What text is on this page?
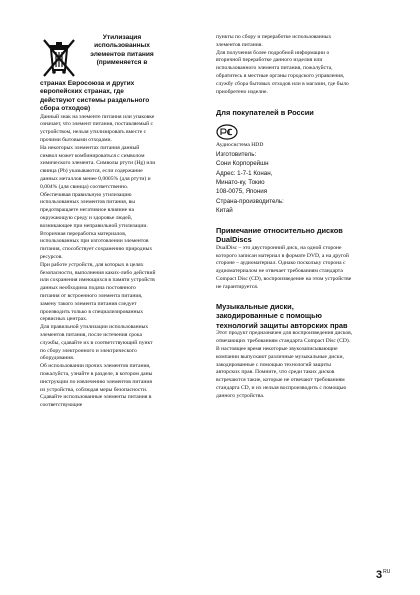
Утилизация использованных элементов питания (применяется в
странах Евросоюза и других европейских странах, где действуют системы раздельного сбора отходов)

Данный знак на элементе питания или упаковке означает, что элемент питания, поставляемый с устройством, нельзя утилизировать вместе с прочими бытовыми отходами.

На некоторых элементах питания данный символ может комбинироваться с символом химического элемента. Символы ртути (Hg) или свинца (Pb) указываются, если содержание данных металлов менее 0,0005% (для ртути) и 0,004% (для свинца) соответственно.

Обеспечивая правильную утилизацию использованных элементов питания, вы предотвращаете негативное влияние на окружающую среду и здоровье людей, возникающее при неправильной утилизации. Вторичная переработка материалов, использованных при изготовлении элементов питания, способствует сохранению природных ресурсов.

При работе устройств, для которых в целях безопасности, выполнения каких-либо действий или сохранения имеющихся в памяти устройств данных необходима подача постоянного питания от встроенного элемента питания, замену такого элемента питания следует производить только в специализированных сервисных центрах.

Для правильной утилизации использованных элементов питания, после истечения срока службы, сдавайте их в соответствующий пункт по сбору электронного и электрического оборудования.

Об использовании прочих элементов питания, пожалуйста, узнайте в разделе, в котором даны инструкции по извлечению элементов питания из устройства, соблюдая меры безопасности. Сдавайте использованные элементы питания в соответствующие

пункты по сбору и переработке использованных элементов питания.

Для получения более подробной информации о вторичной переработке данного изделия или использованного элемента питания, пожалуйста, обратитесь в местные органы городского управления, службу сбора бытовых отходов или в магазин, где было приобретено изделие.

Для покупателей в России

Аудиосистема HDD

Изготовитель:

Сони Корпорейшн

Адрес: 1-7-1 Конан,

Минато-ку, Токио

108-0075, Япония

Страна-производитель:

Китай

Примечание относительно дисков DualDiscs

DualDisc – это двусторонний диск, на одной стороне которого записан материал в формате DVD, а на другой стороне – аудиоматериал. Однако поскольку сторона с аудиоматериалом не отвечает требованиям стандарта Compact Disc (CD), воспроизведение на этом устройстве не гарантируется.

Музыкальные диски, закодированные с помощью технологий защиты авторских прав

Этот продукт предназначен для воспроизведения дисков, отвечающих требованиям стандарта Compact Disc (CD). В настоящее время некоторые звукозаписывающие компании выпускают различные музыкальные диски, закодированные с помощью технологий защиты авторских прав. Помните, что среди таких дисков встречаются такие, которые не отвечают требованиям стандарта CD, и их нельзя воспроизводить с помощью данного устройства.

$3^{RU}$
